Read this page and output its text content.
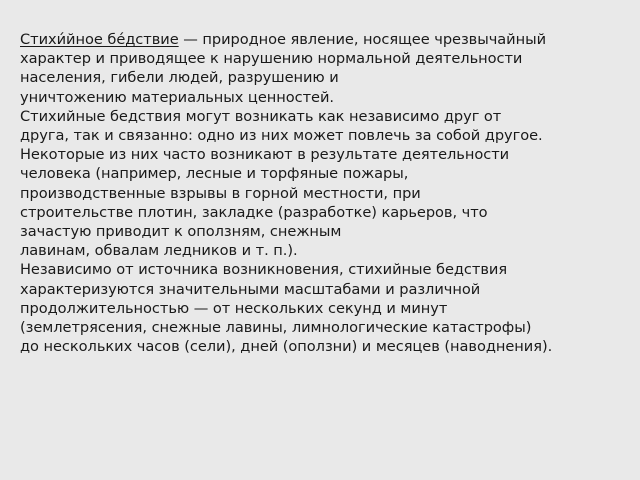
Стихи́йное бе́дствие — природное явление, носящее чрезвычайный
характер и приводящее к нарушению нормальной деятельности
населения, гибели людей, разрушению и
уничтожению материальных ценностей.
Стихийные бедствия могут возникать как независимо друг от
друга, так и связанно: одно из них может повлечь за собой другое.
Некоторые из них часто возникают в результате деятельности
человека (например, лесные и торфяные пожары,
производственные взрывы в горной местности, при
строительстве плотин, закладке (разработке) карьеров, что
зачастую приводит к оползням, снежным
лавинам, обвалам ледников и т. п.).
Независимо от источника возникновения, стихийные бедствия
характеризуются значительными масштабами и различной
продолжительностью — от нескольких секунд и минут
(землетрясения, снежные лавины, лимнологические катастрофы)
до нескольких часов (сели), дней (оползни) и месяцев (наводнения).
